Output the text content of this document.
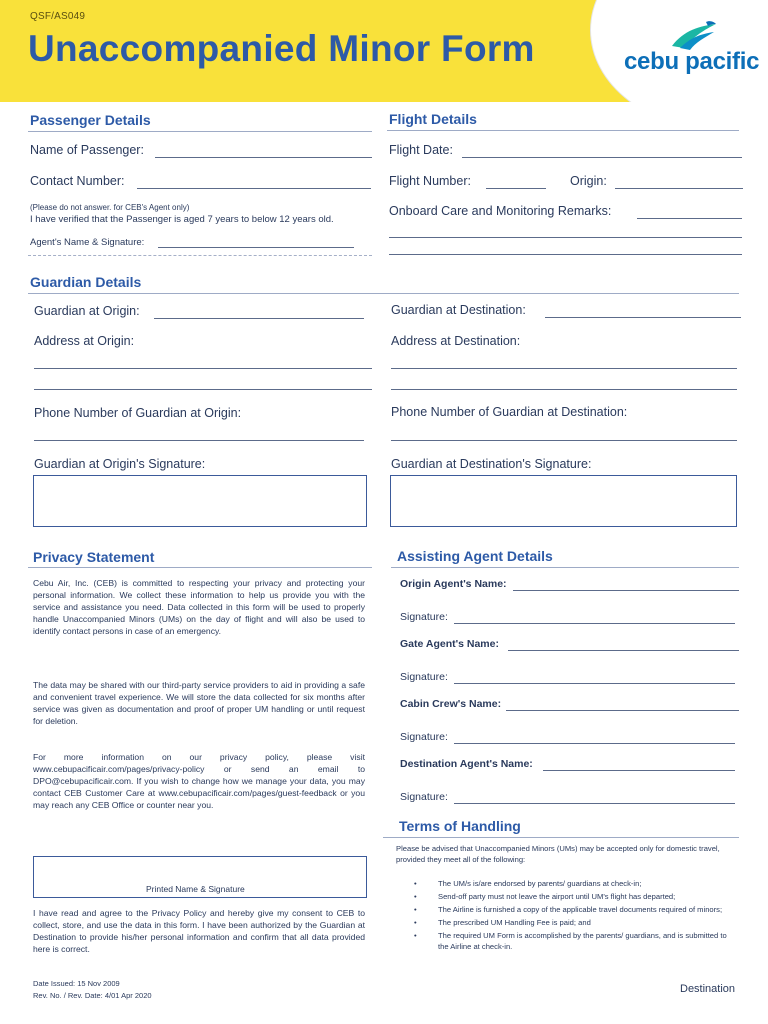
QSF/AS049
Unaccompanied Minor Form	cebu pacific
Passenger Details
Name of Passenger:
Contact Number:
(Please do not answer. for CEB's Agent only)
I have verified that the Passenger is aged 7 years to below 12 years old.
Agent's Name & Signature:
Flight Details
Flight Date:
Flight Number:	Origin:
Onboard Care and Monitoring Remarks:
Guardian Details
Guardian at Origin:	Guardian at Destination:
Address at Origin:	Address at Destination:
Phone Number of Guardian at Origin:	Phone Number of Guardian at Destination:
Guardian at Origin's Signature:	Guardian at Destination's Signature:
Privacy Statement
Cebu Air, Inc. (CEB) is committed to respecting your privacy and protecting your personal information. We collect these information to help us provide you with the service and assistance you need. Data collected in this form will be used to properly handle Unaccompanied Minors (UMs) on the day of flight and will also be used to identify contact persons in case of an emergency.
The data may be shared with our third-party service providers to aid in providing a safe and convenient travel experience. We will store the data collected for six months after service was given as documentation and proof of proper UM handling or until request for deletion.
For more information on our privacy policy, please visit www.cebupacificair.com/pages/privacy-policy or send an email to DPO@cebupacificair.com. If you wish to change how we manage your data, you may contact CEB Customer Care at www.cebupacificair.com/pages/guest-feedback or you may reach any CEB Office or counter near you.
Printed Name & Signature
I have read and agree to the Privacy Policy and hereby give my consent to CEB to collect, store, and use the data in this form. I have been authorized by the Guardian at Destination to provide his/her personal information and confirm that all data provided here is correct.
Assisting Agent Details
Origin Agent's Name:
Signature:
Gate Agent's Name:
Signature:
Cabin Crew's Name:
Signature:
Destination Agent's Name:
Signature:
Terms of Handling
Please be advised that Unaccompanied Minors (UMs) may be accepted only for domestic travel, provided they meet all of the following:
• The UM/s is/are endorsed by parents/ guardians at check-in;
• Send-off party must not leave the airport until UM's flight has departed;
• The Airline is furnished a copy of the applicable travel documents required of minors;
• The prescribed UM Handling Fee is paid; and
• The required UM Form is accomplished by the parents/ guardians, and is submitted to the Airline at check-in.
Date Issued: 15 Nov 2009
Rev. No. / Rev. Date: 4/01 Apr 2020
Destination
